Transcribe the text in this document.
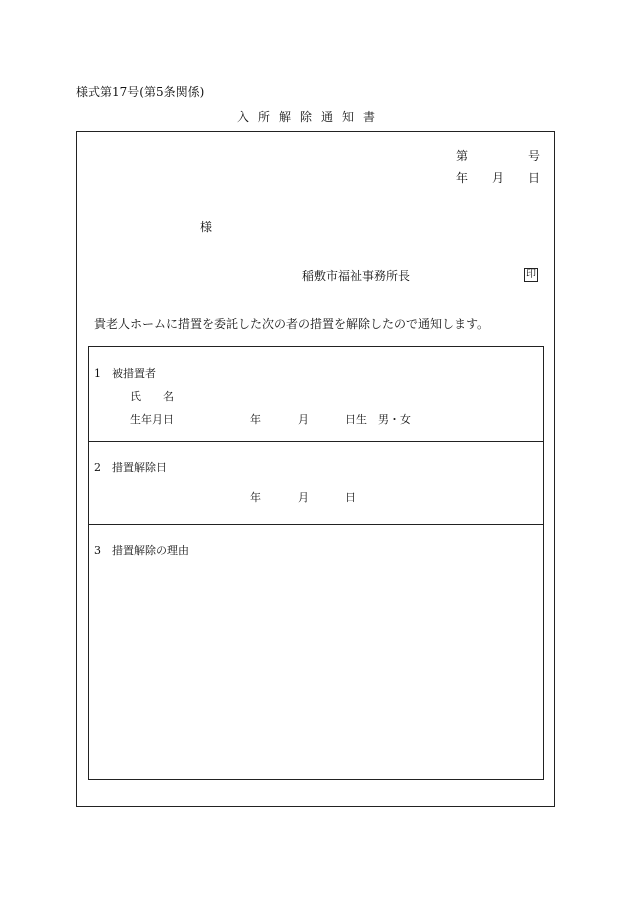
様式第17号(第5条関係)
入所解除通知書
第	号
年 月 日
様
稲敷市福祉事務所長	印
貴老人ホームに措置を委託した次の者の措置を解除したので通知します。
1　被措置者
氏　　名
生年月日	年	月	日生 男・女
2　措置解除日
年	月	日
3　措置解除の理由
